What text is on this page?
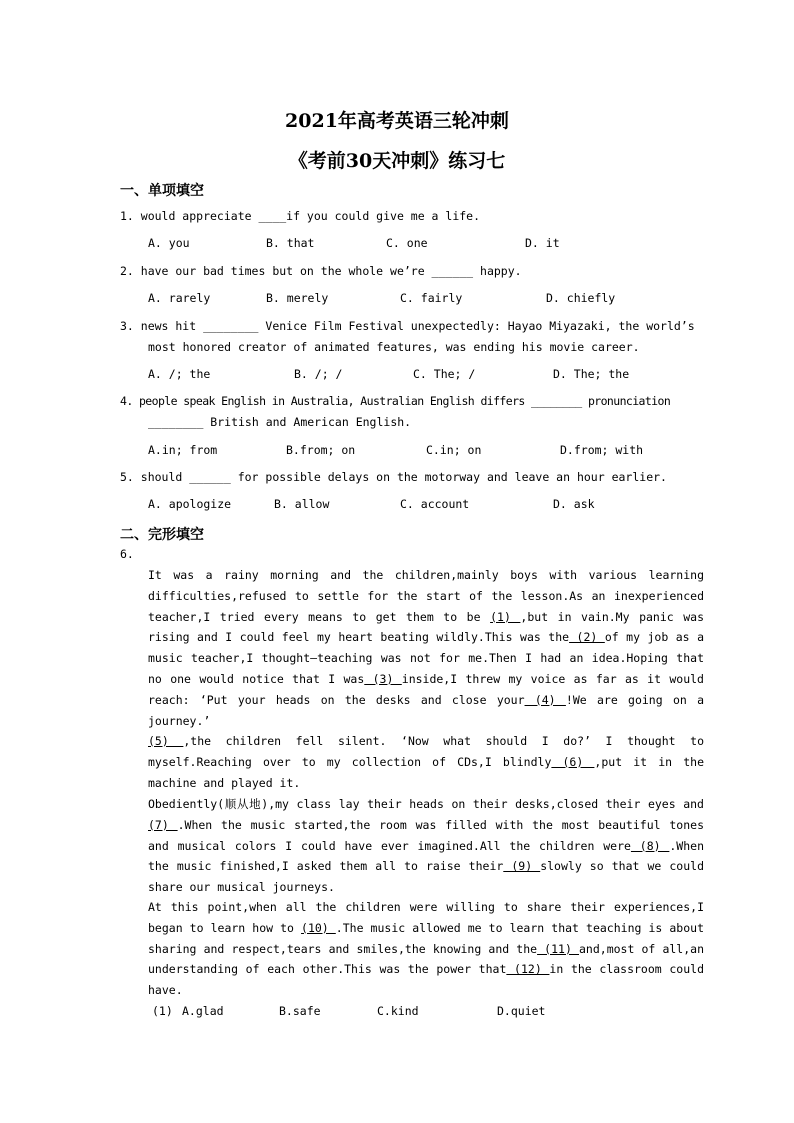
2021年高考英语三轮冲刺
《考前30天冲刺》练习七
一、单项填空
1. would appreciate ____if you could give me a life.

A. you

	B. that

	C. one

	D. it

2. have our bad times but on the whole we’re ______ happy.

A. rarely

	B. merely

	C. fairly

	D. chiefly

3. news hit ________ Venice Film Festival unexpectedly: Hayao Miyazaki, the world’s
most honored creator of animated features, was ending his movie career.

A. /; the

	B. /; /

	C. The; /

	D. The; the

4. people speak English in Australia, Australian English differs ________ pronunciation
________ British and American English.

A.in; from

	B.from; on

	C.in; on

	D.from; with

5. should ______ for possible delays on the motorway and leave an hour earlier.

A. apologize

	B. allow

	C. account

	D. ask

二、完形填空
6.
It was a rainy morning and the children,mainly boys with various learning difficulties,refused to settle for the start of the lesson.As an inexperienced teacher,I tried every means to get them to be (1) ,but in vain.My panic was rising and I could feel my heart beating wildly.This was the (2) of my job as a music teacher,I thought—teaching was not for me.Then I had an idea.Hoping that no one would notice that I was (3) inside,I threw my voice as far as it would reach: ‘Put your heads on the desks and close your (4) !We are going on a journey.’
(5) ,the children fell silent. ‘Now what should I do?’ I thought to myself.Reaching over to my collection of CDs,I blindly (6) ,put it in the machine and played it.
Obediently(顺从地),my class lay their heads on their desks,closed their eyes and (7) .When the music started,the room was filled with the most beautiful tones and musical colors I could have ever imagined.All the children were (8) .When the music finished,I asked them all to raise their (9) slowly so that we could share our musical journeys.
At this point,when all the children were willing to share their experiences,I began to learn how to (10) .The music allowed me to learn that teaching is about sharing and respect,tears and smiles,the knowing and the (11) and,most of all,an understanding of each other.This was the power that (12) in the classroom could have.

(1)

A.glad

	B.safe

	C.kind

	D.quiet
